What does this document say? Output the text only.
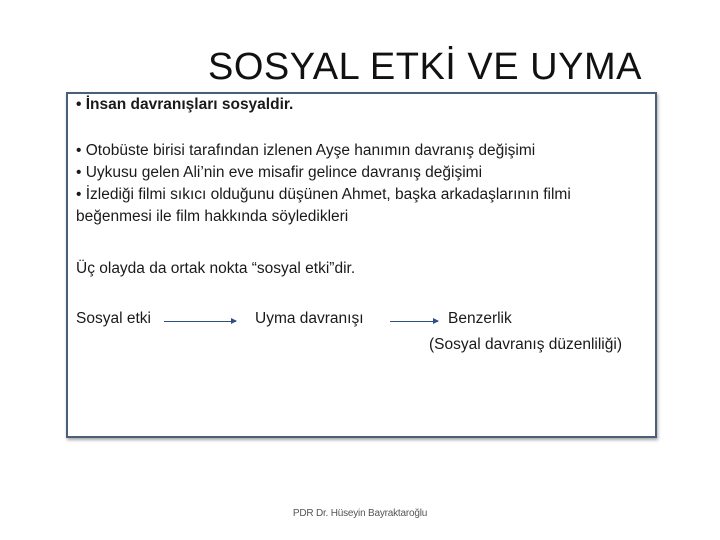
SOSYAL ETKİ VE UYMA
• İnsan davranışları sosyaldir.
• Otobüste birisi tarafından izlenen Ayşe hanımın davranış değişimi
• Uykusu gelen Ali’nin eve misafir gelince davranış değişimi
• İzlediği filmi sıkıcı olduğunu düşünen Ahmet, başka arkadaşlarının filmi
beğenmesi ile film hakkında söyledikleri
Üç olayda da ortak nokta “sosyal etki”dir.
Sosyal etki	Uyma davranışı	Benzerlik
(Sosyal davranış düzenliliği)
PDR Dr. Hüseyin Bayraktaroğlu
